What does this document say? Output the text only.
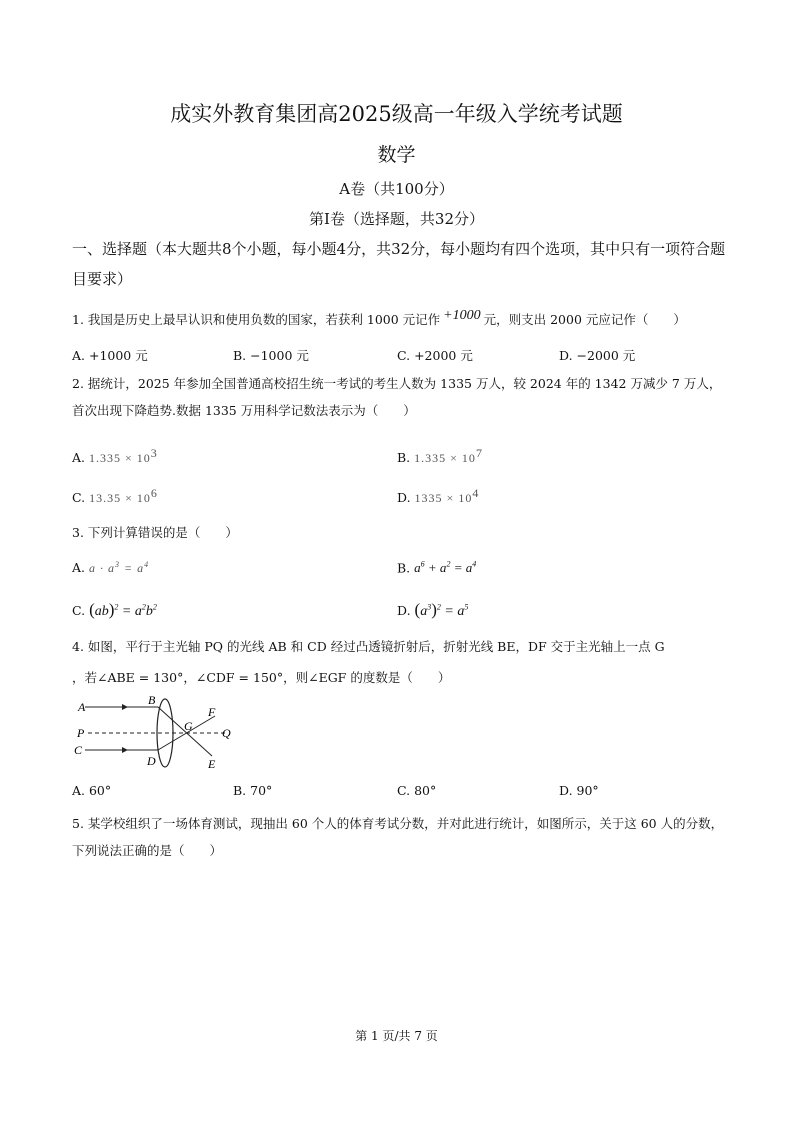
成实外教育集团高2025级高一年级入学统考试题
数学
A卷（共100分）
第Ⅰ卷（选择题，共32分）
一、选择题（本大题共8个小题，每小题4分，共32分，每小题均有四个选项，其中只有一项符合题目要求）
1. 我国是历史上最早认识和使用负数的国家，若获利 1000 元记作 +1000 元，则支出 2000 元应记作（　　）
A. +1000 元	B. −1000 元	C. +2000 元	D. −2000 元
2. 据统计，2025 年参加全国普通高校招生统一考试的考生人数为 1335 万人，较 2024 年的 1342 万减少 7 万人，首次出现下降趋势.数据 1335 万用科学记数法表示为（　　）
A. $1.335 \times 10^3$	B. $1.335 \times 10^7$
C. $13.35 \times 10^6$	D. $1335 \times 10^4$
3. 下列计算错误的是（　　）
A. $a \cdot a^3 = a^4$	B. $a^6 + a^2 = a^4$
C. $(ab)^2 = a^2b^2$	D. $(a^3)^2 = a^5$
4. 如图，平行于主光轴 PQ 的光线 AB 和 CD 经过凸透镜折射后，折射光线 BE，DF 交于主光轴上一点 G
，若∠ABE = 130°，∠CDF = 150°，则∠EGF 的度数是（　　）
A	B
P	G
F
Q
C
D	E
A. 60°	B. 70°	C. 80°	D. 90°
5. 某学校组织了一场体育测试，现抽出 60 个人的体育考试分数，并对此进行统计，如图所示，关于这 60 人的分数，下列说法正确的是（　　）
第 1 页/共 7 页
